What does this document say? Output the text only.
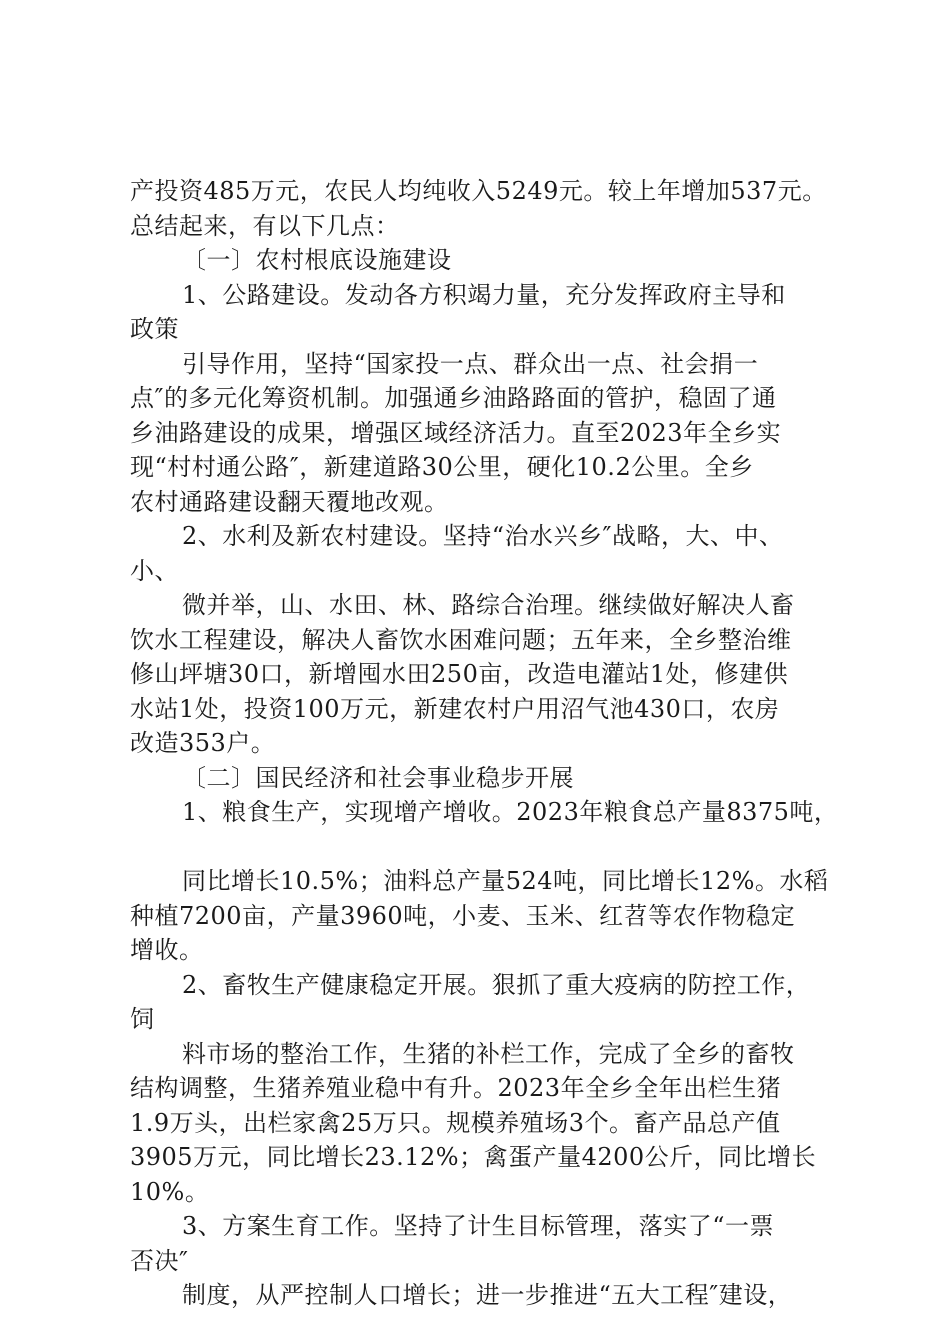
产投资485万元，农民人均纯收入5249元。较上年增加537元。
总结起来，有以下几点：
〔一〕农村根底设施建设
1、公路建设。发动各方积竭力量，充分发挥政府主导和
政策
引导作用，坚持“国家投一点、群众出一点、社会捐一
点″的多元化筹资机制。加强通乡油路路面的管护，稳固了通
乡油路建设的成果，增强区域经济活力。直至2023年全乡实
现“村村通公路″，新建道路30公里，硬化10.2公里。全乡
农村通路建设翻天覆地改观。
2、水利及新农村建设。坚持“治水兴乡″战略，大、中、
小、
微并举，山、水田、林、路综合治理。继续做好解决人畜
饮水工程建设，解决人畜饮水困难问题；五年来，全乡整治维
修山坪塘30口，新增囤水田250亩，改造电灌站1处，修建供
水站1处，投资100万元，新建农村户用沼气池430口，农房
改造353户。
〔二〕国民经济和社会事业稳步开展
1、粮食生产，实现增产增收。2023年粮食总产量8375吨，
同比增长10.5%；油料总产量524吨，同比增长12%。水稻
种植7200亩，产量3960吨，小麦、玉米、红苕等农作物稳定
增收。
2、畜牧生产健康稳定开展。狠抓了重大疫病的防控工作，
饲
料市场的整治工作，生猪的补栏工作，完成了全乡的畜牧
结构调整，生猪养殖业稳中有升。2023年全乡全年出栏生猪
1.9万头，出栏家禽25万只。规模养殖场3个。畜产品总产值
3905万元，同比增长23.12%；禽蛋产量4200公斤，同比增长
10%。
3、方案生育工作。坚持了计生目标管理，落实了“一票
否决″
制度，从严控制人口增长；进一步推进“五大工程″建设，
